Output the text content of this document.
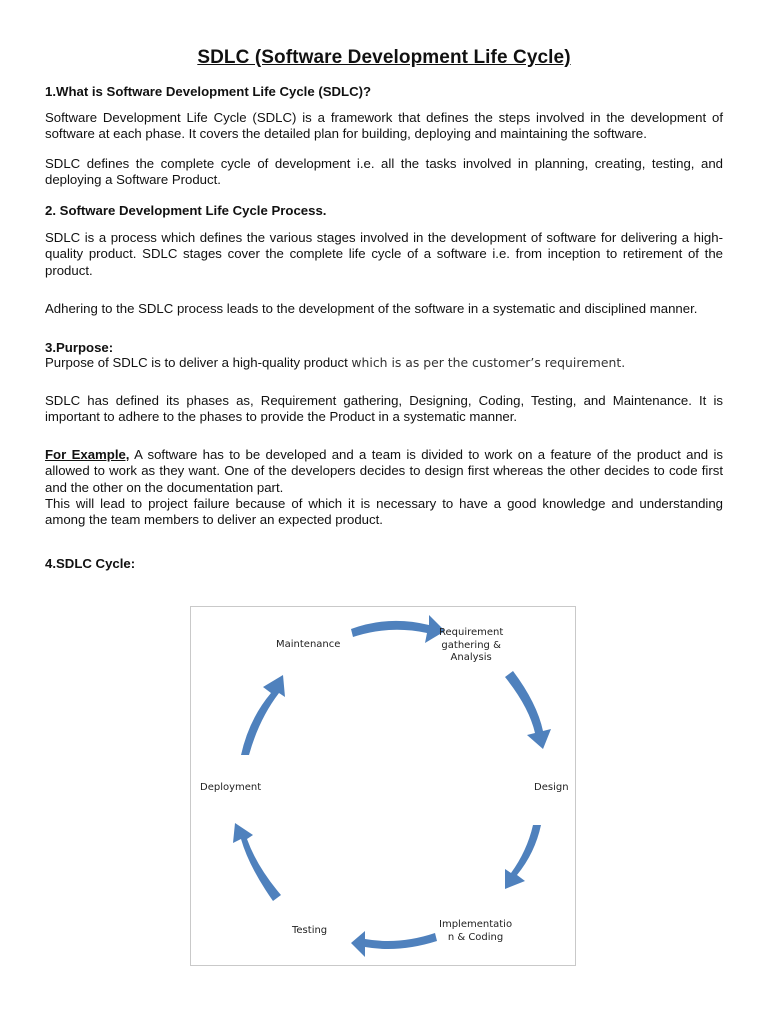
SDLC (Software Development Life Cycle)
1.What is Software Development Life Cycle (SDLC)?

Software Development Life Cycle (SDLC) is a framework that defines the steps involved in the development of software at each phase. It covers the detailed plan for building, deploying and maintaining the software.

SDLC defines the complete cycle of development i.e. all the tasks involved in planning, creating, testing, and deploying a Software Product.

2. Software Development Life Cycle Process.

SDLC is a process which defines the various stages involved in the development of software for delivering a high-quality product. SDLC stages cover the complete life cycle of a software i.e. from inception to retirement of the product.

Adhering to the SDLC process leads to the development of the software in a systematic and disciplined manner.

3.Purpose:

Purpose of SDLC is to deliver a high-quality product which is as per the customer’s requirement.

SDLC has defined its phases as, Requirement gathering, Designing, Coding, Testing, and Maintenance. It is important to adhere to the phases to provide the Product in a systematic manner.

For Example, A software has to be developed and a team is divided to work on a feature of the product and is allowed to work as they want. One of the developers decides to design first whereas the other decides to code first and the other on the documentation part.
This will lead to project failure because of which it is necessary to have a good knowledge and understanding among the team members to deliver an expected product.

4.SDLC Cycle:
Maintenance
Requirement
gathering &
Analysis
Design
Implementatio
n & Coding
Testing
Deployment
